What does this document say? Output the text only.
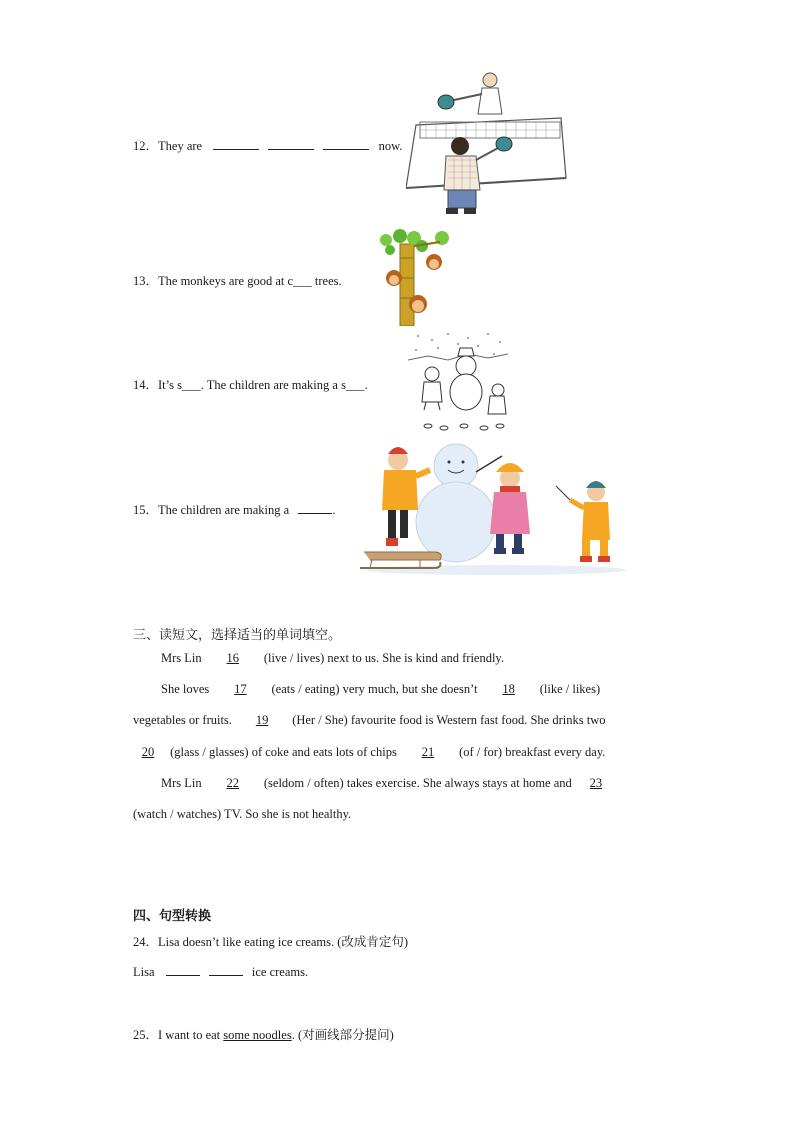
12．They are	now.
13．The monkeys are good at c___ trees.
14．It’s s___. The children are making a s___.
15．The children are making a	.
三、读短文，选择适当的单词填空。
Mrs Lin 16 (live / lives) next to us. She is kind and friendly.
She loves 17 (eats / eating) very much, but she doesn’t 18 (like / likes)
vegetables or fruits. 19 (Her / She) favourite food is Western fast food. She drinks two
20 (glass / glasses) of coke and eats lots of chips 21 (of / for) breakfast every day.
Mrs Lin 22 (seldom / often) takes exercise. She always stays at home and 23
(watch / watches) TV. So she is not healthy.
四、句型转换
24．Lisa doesn’t like eating ice creams. (改成肯定句)
Lisa	ice creams.
25．I want to eat some noodles. (对画线部分提问)
